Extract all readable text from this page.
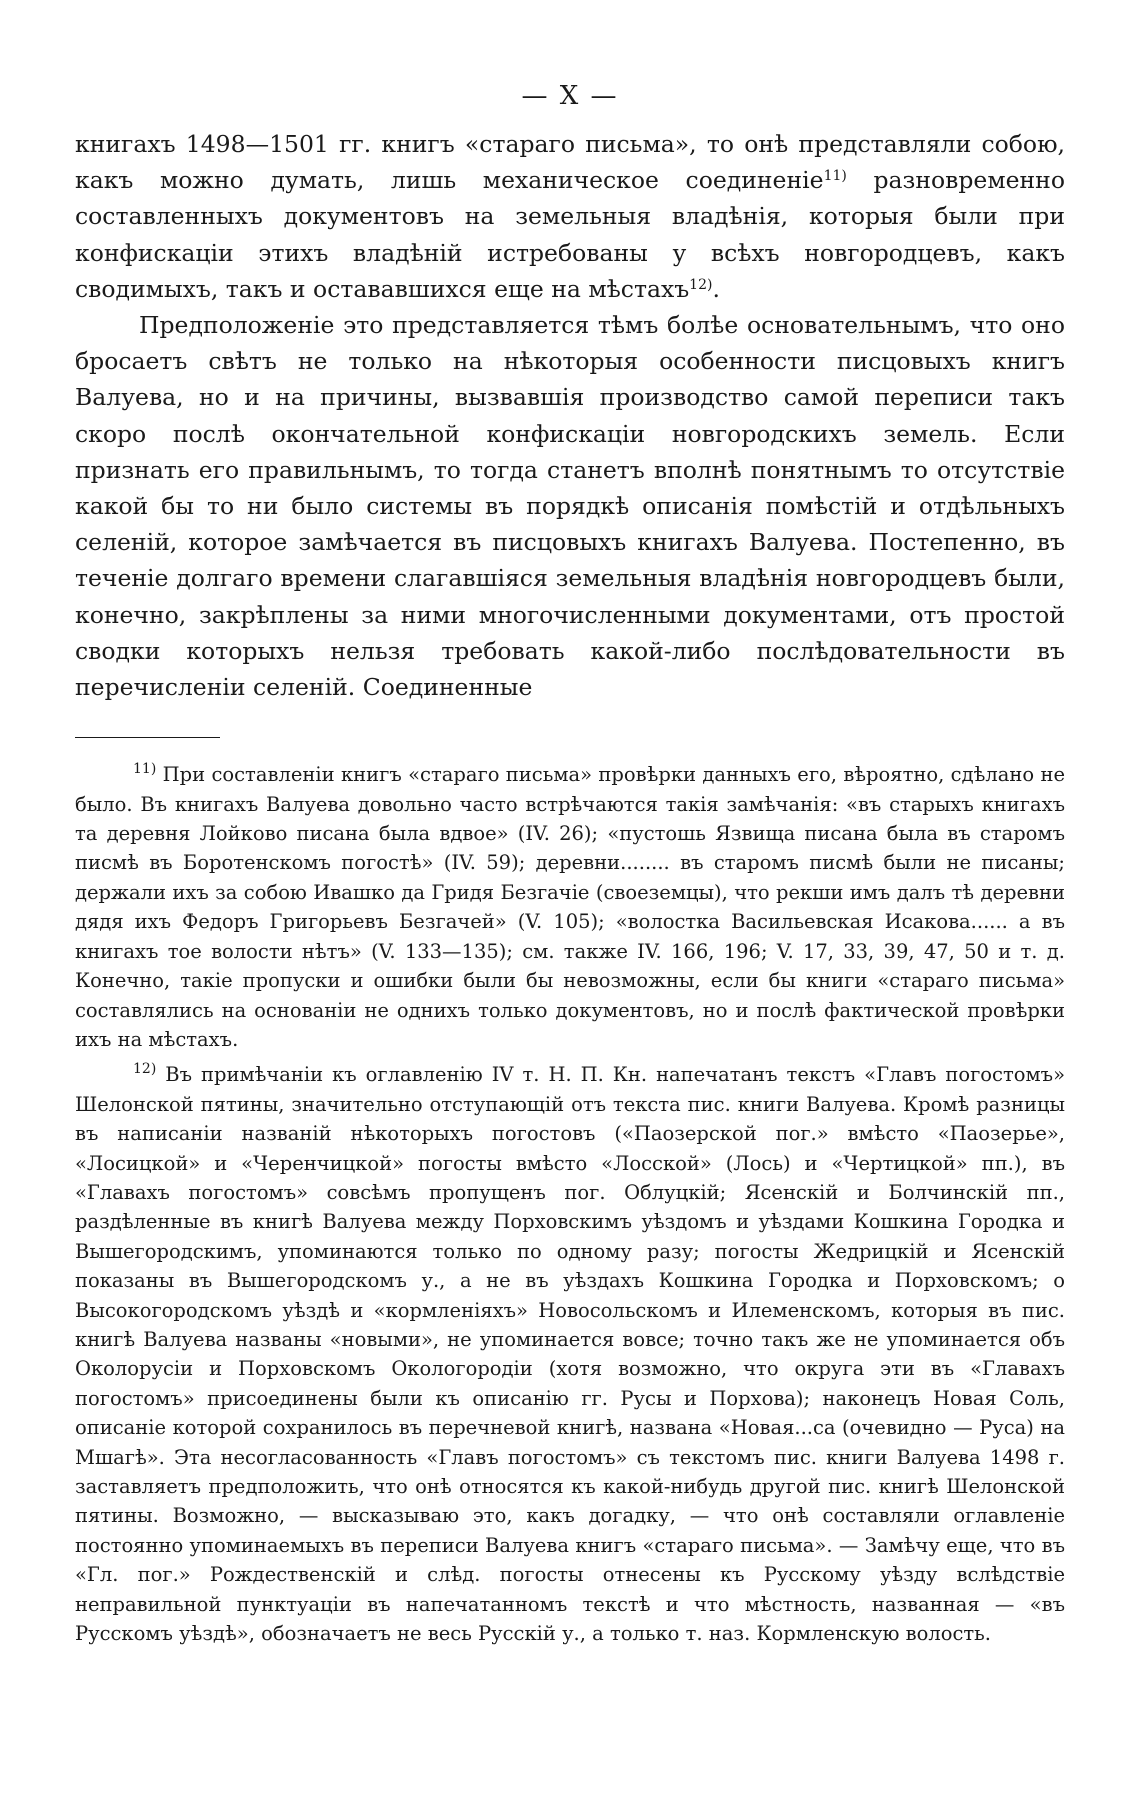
— X —

книгахъ 1498—1501 гг. книгъ «стараго письма», то онѣ представляли собою, какъ можно думать, лишь механическое соединеніе$^{11)}$ разновременно составленныхъ документовъ на земельныя владѣнія, которыя были при конфискаціи этихъ владѣній истребованы у всѣхъ новгородцевъ, какъ сводимыхъ, такъ и остававшихся еще на мѣстахъ$^{12)}$.

Предположеніе это представляется тѣмъ болѣе основательнымъ, что оно бросаетъ свѣтъ не только на нѣкоторыя особенности писцовыхъ книгъ Валуева, но и на причины, вызвавшія производство самой переписи такъ скоро послѣ окончательной конфискаціи новгородскихъ земель. Если признать его правильнымъ, то тогда станетъ вполнѣ понятнымъ то отсутствіе какой бы то ни было системы въ порядкѣ описанія помѣстій и отдѣльныхъ селеній, которое замѣчается въ писцовыхъ книгахъ Валуева. Постепенно, въ теченіе долгаго времени слагавшіяся земельныя владѣнія новгородцевъ были, конечно, закрѣплены за ними многочисленными документами, отъ простой сводки которыхъ нельзя требовать какой-либо послѣдовательности въ перечисленіи селеній. Соединенные

$^{11)}$ При составленіи книгъ «стараго письма» провѣрки данныхъ его, вѣроятно, сдѣлано не было. Въ книгахъ Валуева довольно часто встрѣчаются такія замѣчанія: «въ старыхъ книгахъ та деревня Лойково писана была вдвое» (IV. 26); «пустошь Язвища писана была въ старомъ писмѣ въ Боротенскомъ погостѣ» (IV. 59); деревни........ въ старомъ писмѣ были не писаны; держали ихъ за собою Ивашко да Гридя Безгачіе (своеземцы), что рекши имъ далъ тѣ деревни дядя ихъ Федоръ Григорьевъ Безгачей» (V. 105); «волостка Васильевская Исакова...... а въ книгахъ тое волости нѣтъ» (V. 133—135); см. также IV. 166, 196; V. 17, 33, 39, 47, 50 и т. д. Конечно, такіе пропуски и ошибки были бы невозможны, если бы книги «стараго письма» составлялись на основаніи не однихъ только документовъ, но и послѣ фактической провѣрки ихъ на мѣстахъ.

$^{12)}$ Въ примѣчаніи къ оглавленію IV т. Н. П. Кн. напечатанъ текстъ «Главъ погостомъ» Шелонской пятины, значительно отступающій отъ текста пис. книги Валуева. Кромѣ разницы въ написаніи названій нѣкоторыхъ погостовъ («Паозерской пог.» вмѣсто «Паозерье», «Лосицкой» и «Черенчицкой» погосты вмѣсто «Лосской» (Лось) и «Чертицкой» пп.), въ «Главахъ погостомъ» совсѣмъ пропущенъ пог. Облуцкій; Ясенскій и Болчинскій пп., раздѣленные въ книгѣ Валуева между Порховскимъ уѣздомъ и уѣздами Кошкина Городка и Вышегородскимъ, упоминаются только по одному разу; погосты Жедрицкій и Ясенскій показаны въ Вышегородскомъ у., а не въ уѣздахъ Кошкина Городка и Порховскомъ; о Высокогородскомъ уѣздѣ и «кормленіяхъ» Новосольскомъ и Илеменскомъ, которыя въ пис. книгѣ Валуева названы «новыми», не упоминается вовсе; точно такъ же не упоминается объ Околорусіи и Порховскомъ Окологородіи (хотя возможно, что округа эти въ «Главахъ погостомъ» присоединены были къ описанію гг. Русы и Порхова); наконецъ Новая Соль, описаніе которой сохранилось въ перечневой книгѣ, названа «Новая...са (очевидно — Руса) на Мшагѣ». Эта несогласованность «Главъ погостомъ» съ текстомъ пис. книги Валуева 1498 г. заставляетъ предположить, что онѣ относятся къ какой-нибудь другой пис. книгѣ Шелонской пятины. Возможно, — высказываю это, какъ догадку, — что онѣ составляли оглавленіе постоянно упоминаемыхъ въ переписи Валуева книгъ «стараго письма». — Замѣчу еще, что въ «Гл. пог.» Рождественскій и слѣд. погосты отнесены къ Русскому уѣзду вслѣдствіе неправильной пунктуаціи въ напечатанномъ текстѣ и что мѣстность, названная — «въ Русскомъ уѣздѣ», обозначаетъ не весь Русскій у., а только т. наз. Кормленскую волость.
